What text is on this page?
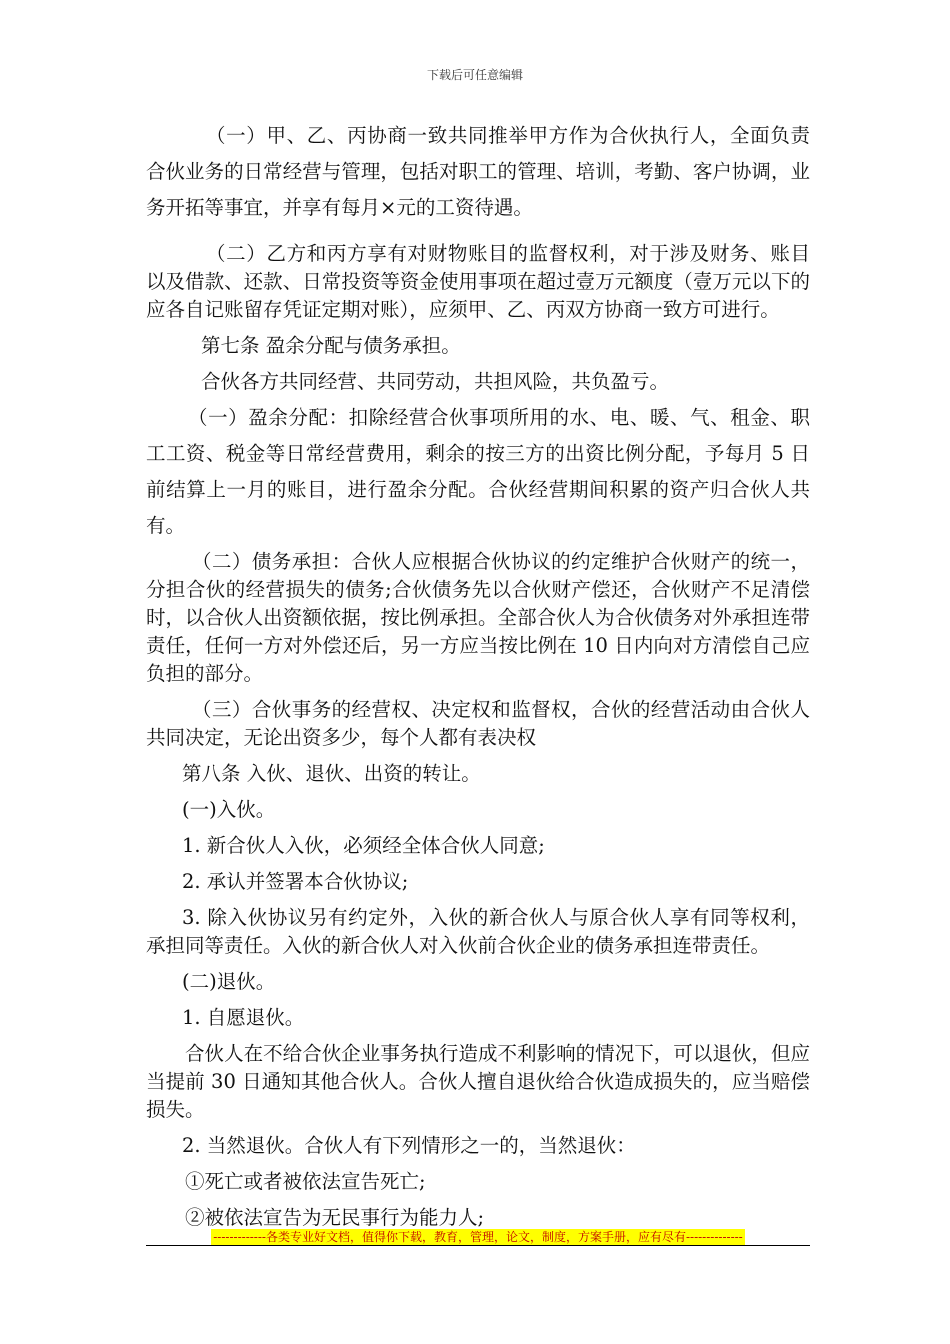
下载后可任意编辑

（一）甲、乙、丙协商一致共同推举甲方作为合伙执行人，全面负责合伙业务的日常经营与管理，包括对职工的管理、培训，考勤、客户协调，业务开拓等事宜，并享有每月×元的工资待遇。

（二）乙方和丙方享有对财物账目的监督权利，对于涉及财务、账目以及借款、还款、日常投资等资金使用事项在超过壹万元额度（壹万元以下的应各自记账留存凭证定期对账），应须甲、乙、丙双方协商一致方可进行。

第七条 盈余分配与债务承担。

合伙各方共同经营、共同劳动，共担风险，共负盈亏。

（一）盈余分配：扣除经营合伙事项所用的水、电、暖、气、租金、职工工资、税金等日常经营费用，剩余的按三方的出资比例分配，予每月 5 日前结算上一月的账目，进行盈余分配。合伙经营期间积累的资产归合伙人共有。

（二）债务承担：合伙人应根据合伙协议的约定维护合伙财产的统一，分担合伙的经营损失的债务;合伙债务先以合伙财产偿还，合伙财产不足清偿时，以合伙人出资额依据，按比例承担。全部合伙人为合伙债务对外承担连带责任，任何一方对外偿还后，另一方应当按比例在 10 日内向对方清偿自己应负担的部分。

（三）合伙事务的经营权、决定权和监督权，合伙的经营活动由合伙人共同决定，无论出资多少，每个人都有表决权

第八条 入伙、退伙、出资的转让。

(一)入伙。

1. 新合伙人入伙，必须经全体合伙人同意;

2. 承认并签署本合伙协议;

3. 除入伙协议另有约定外，入伙的新合伙人与原合伙人享有同等权利，承担同等责任。入伙的新合伙人对入伙前合伙企业的债务承担连带责任。

(二)退伙。

1. 自愿退伙。

合伙人在不给合伙企业事务执行造成不利影响的情况下，可以退伙，但应当提前 30 日通知其他合伙人。合伙人擅自退伙给合伙造成损失的，应当赔偿损失。

2. 当然退伙。合伙人有下列情形之一的，当然退伙：

①死亡或者被依法宣告死亡;

②被依法宣告为无民事行为能力人;

-------------各类专业好文档，值得你下载，教育，管理，论文，制度，方案手册，应有尽有--------------
